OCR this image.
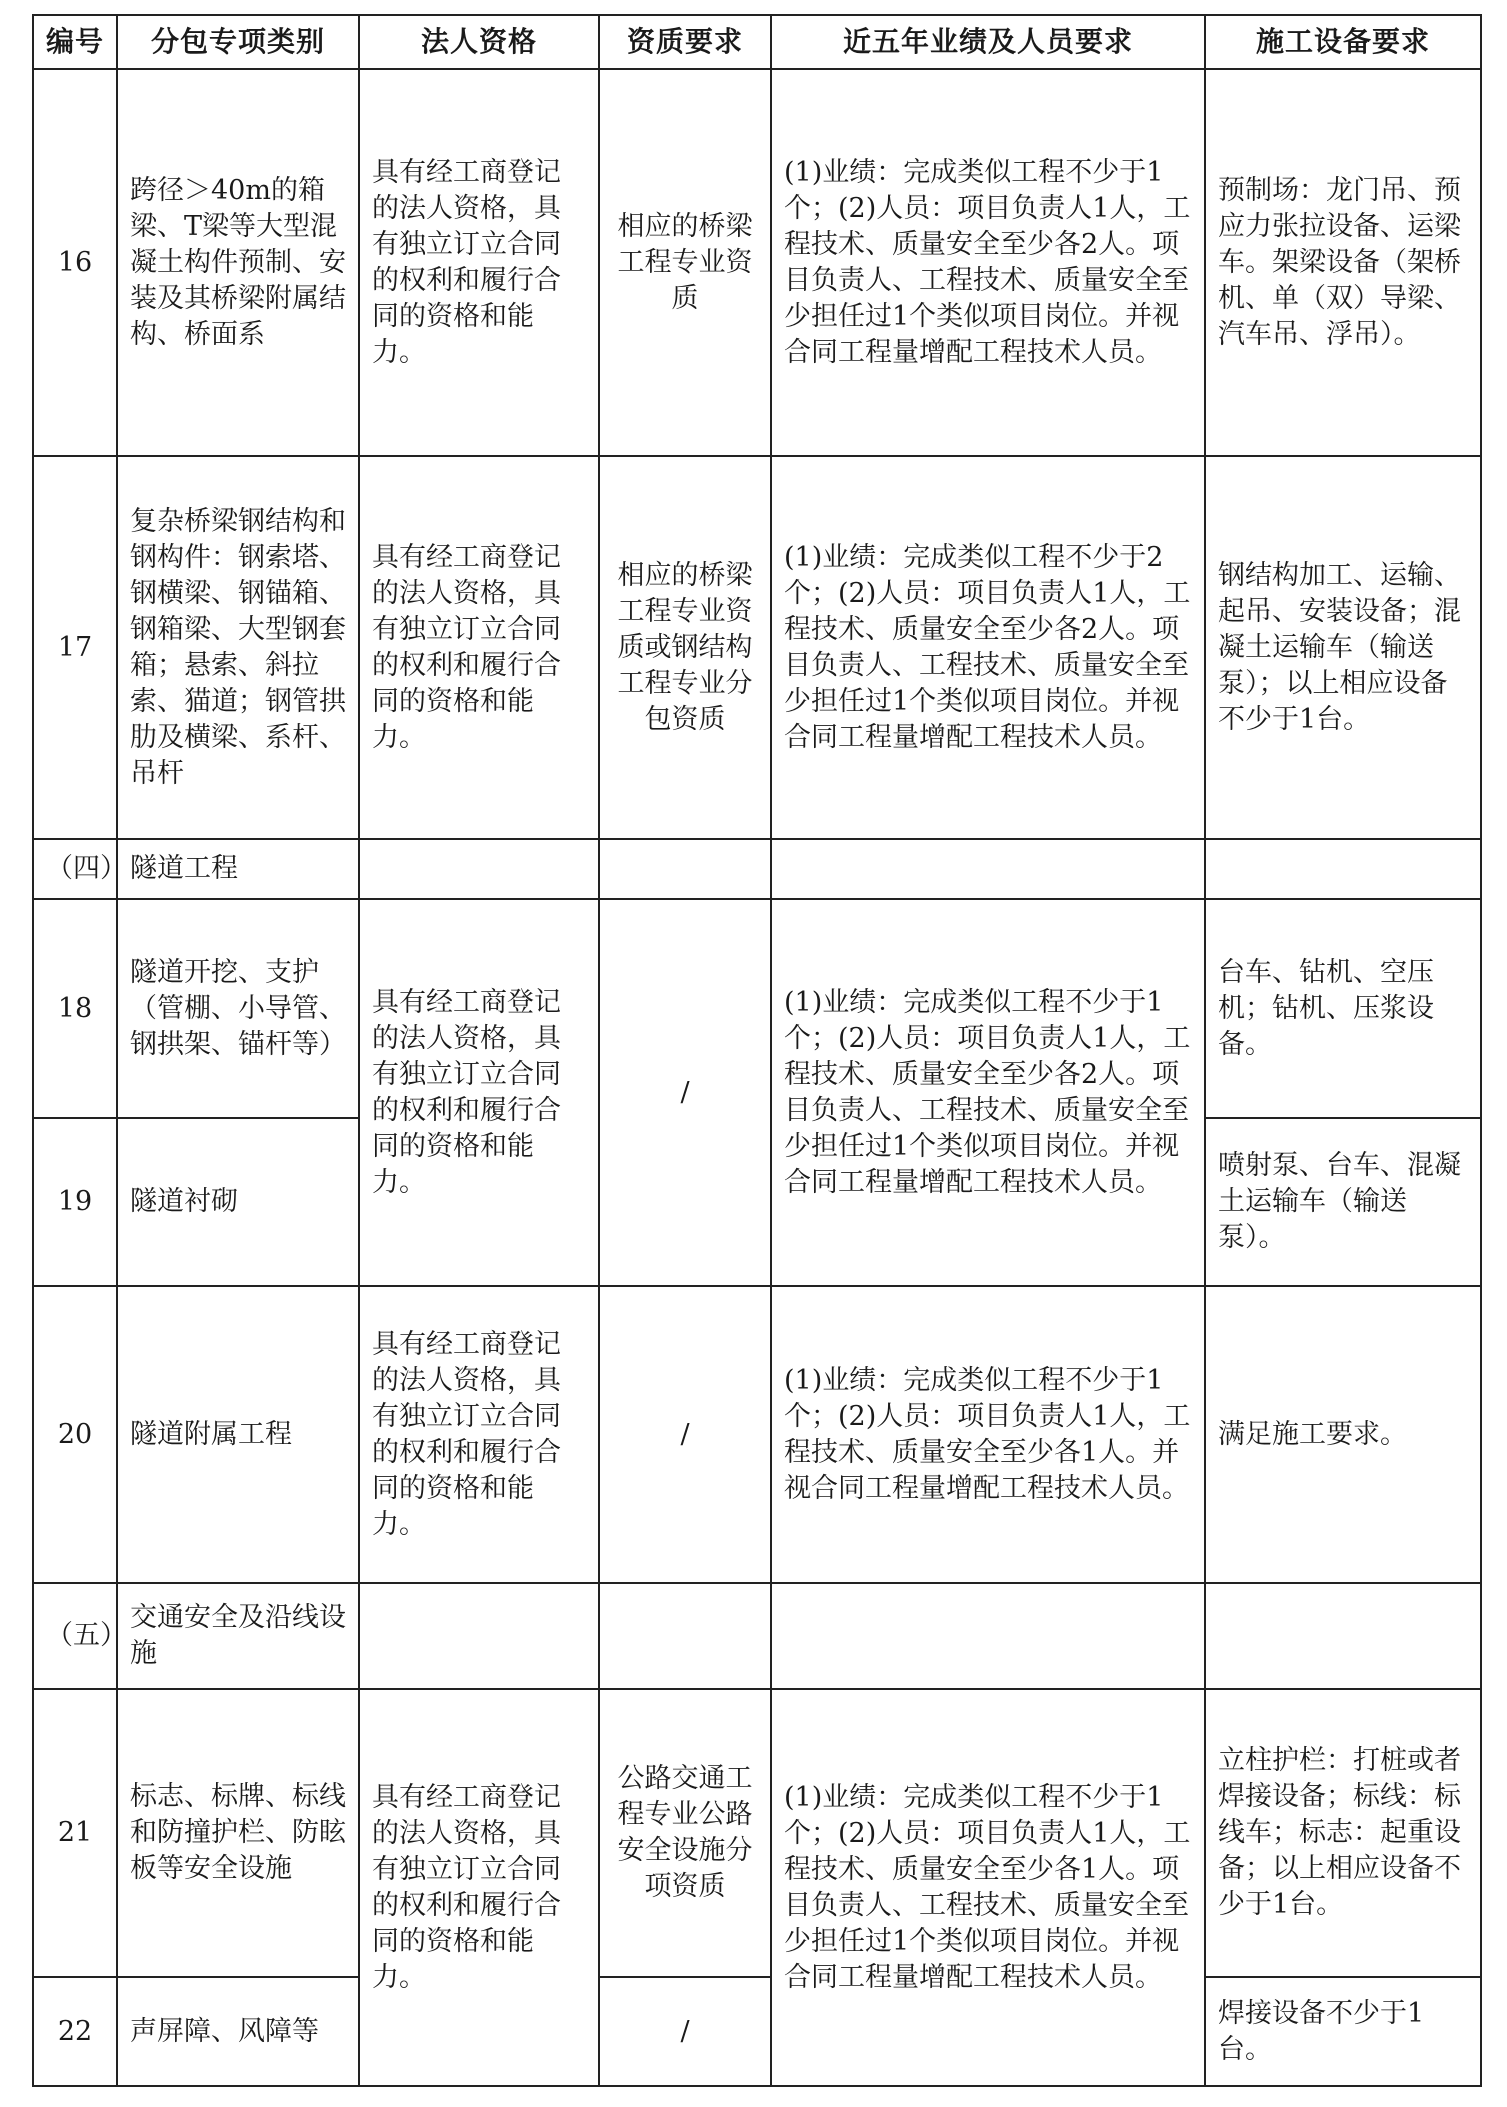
编号	分包专项类别	法人资格	资质要求	近五年业绩及人员要求	施工设备要求
16	跨径＞40m的箱梁、T梁等大型混凝土构件预制、安装及其桥梁附属结构、桥面系	具有经工商登记的法人资格，具有独立订立合同的权利和履行合同的资格和能力。	相应的桥梁工程专业资质	(1)业绩：完成类似工程不少于1个；(2)人员：项目负责人1人，工程技术、质量安全至少各2人。项目负责人、工程技术、质量安全至少担任过1个类似项目岗位。并视合同工程量增配工程技术人员。	预制场：龙门吊、预应力张拉设备、运梁车。架梁设备（架桥机、单（双）导梁、汽车吊、浮吊）。
17	复杂桥梁钢结构和钢构件：钢索塔、钢横梁、钢锚箱、钢箱梁、大型钢套箱；悬索、斜拉索、猫道；钢管拱肋及横梁、系杆、吊杆	具有经工商登记的法人资格，具有独立订立合同的权利和履行合同的资格和能力。	相应的桥梁工程专业资质或钢结构工程专业分包资质	(1)业绩：完成类似工程不少于2个；(2)人员：项目负责人1人，工程技术、质量安全至少各2人。项目负责人、工程技术、质量安全至少担任过1个类似项目岗位。并视合同工程量增配工程技术人员。	钢结构加工、运输、起吊、安装设备；混凝土运输车（输送泵）；以上相应设备不少于1台。
（四）	隧道工程				
18	隧道开挖、支护（管棚、小导管、钢拱架、锚杆等）	具有经工商登记的法人资格，具有独立订立合同的权利和履行合同的资格和能力。	/	(1)业绩：完成类似工程不少于1个；(2)人员：项目负责人1人，工程技术、质量安全至少各2人。项目负责人、工程技术、质量安全至少担任过1个类似项目岗位。并视合同工程量增配工程技术人员。	台车、钻机、空压机；钻机、压浆设备。
19	隧道衬砌				喷射泵、台车、混凝土运输车（输送泵）。
20	隧道附属工程	具有经工商登记的法人资格，具有独立订立合同的权利和履行合同的资格和能力。	/	(1)业绩：完成类似工程不少于1个；(2)人员：项目负责人1人，工程技术、质量安全至少各1人。并视合同工程量增配工程技术人员。	满足施工要求。
（五）	交通安全及沿线设施				
21	标志、标牌、标线和防撞护栏、防眩板等安全设施	具有经工商登记的法人资格，具有独立订立合同的权利和履行合同的资格和能力。	公路交通工程专业公路安全设施分项资质	(1)业绩：完成类似工程不少于1个；(2)人员：项目负责人1人，工程技术、质量安全至少各1人。项目负责人、工程技术、质量安全至少担任过1个类似项目岗位。并视合同工程量增配工程技术人员。	立柱护栏：打桩或者焊接设备；标线：标线车；标志：起重设备；以上相应设备不少于1台。
22	声屏障、风障等		/		焊接设备不少于1台。
